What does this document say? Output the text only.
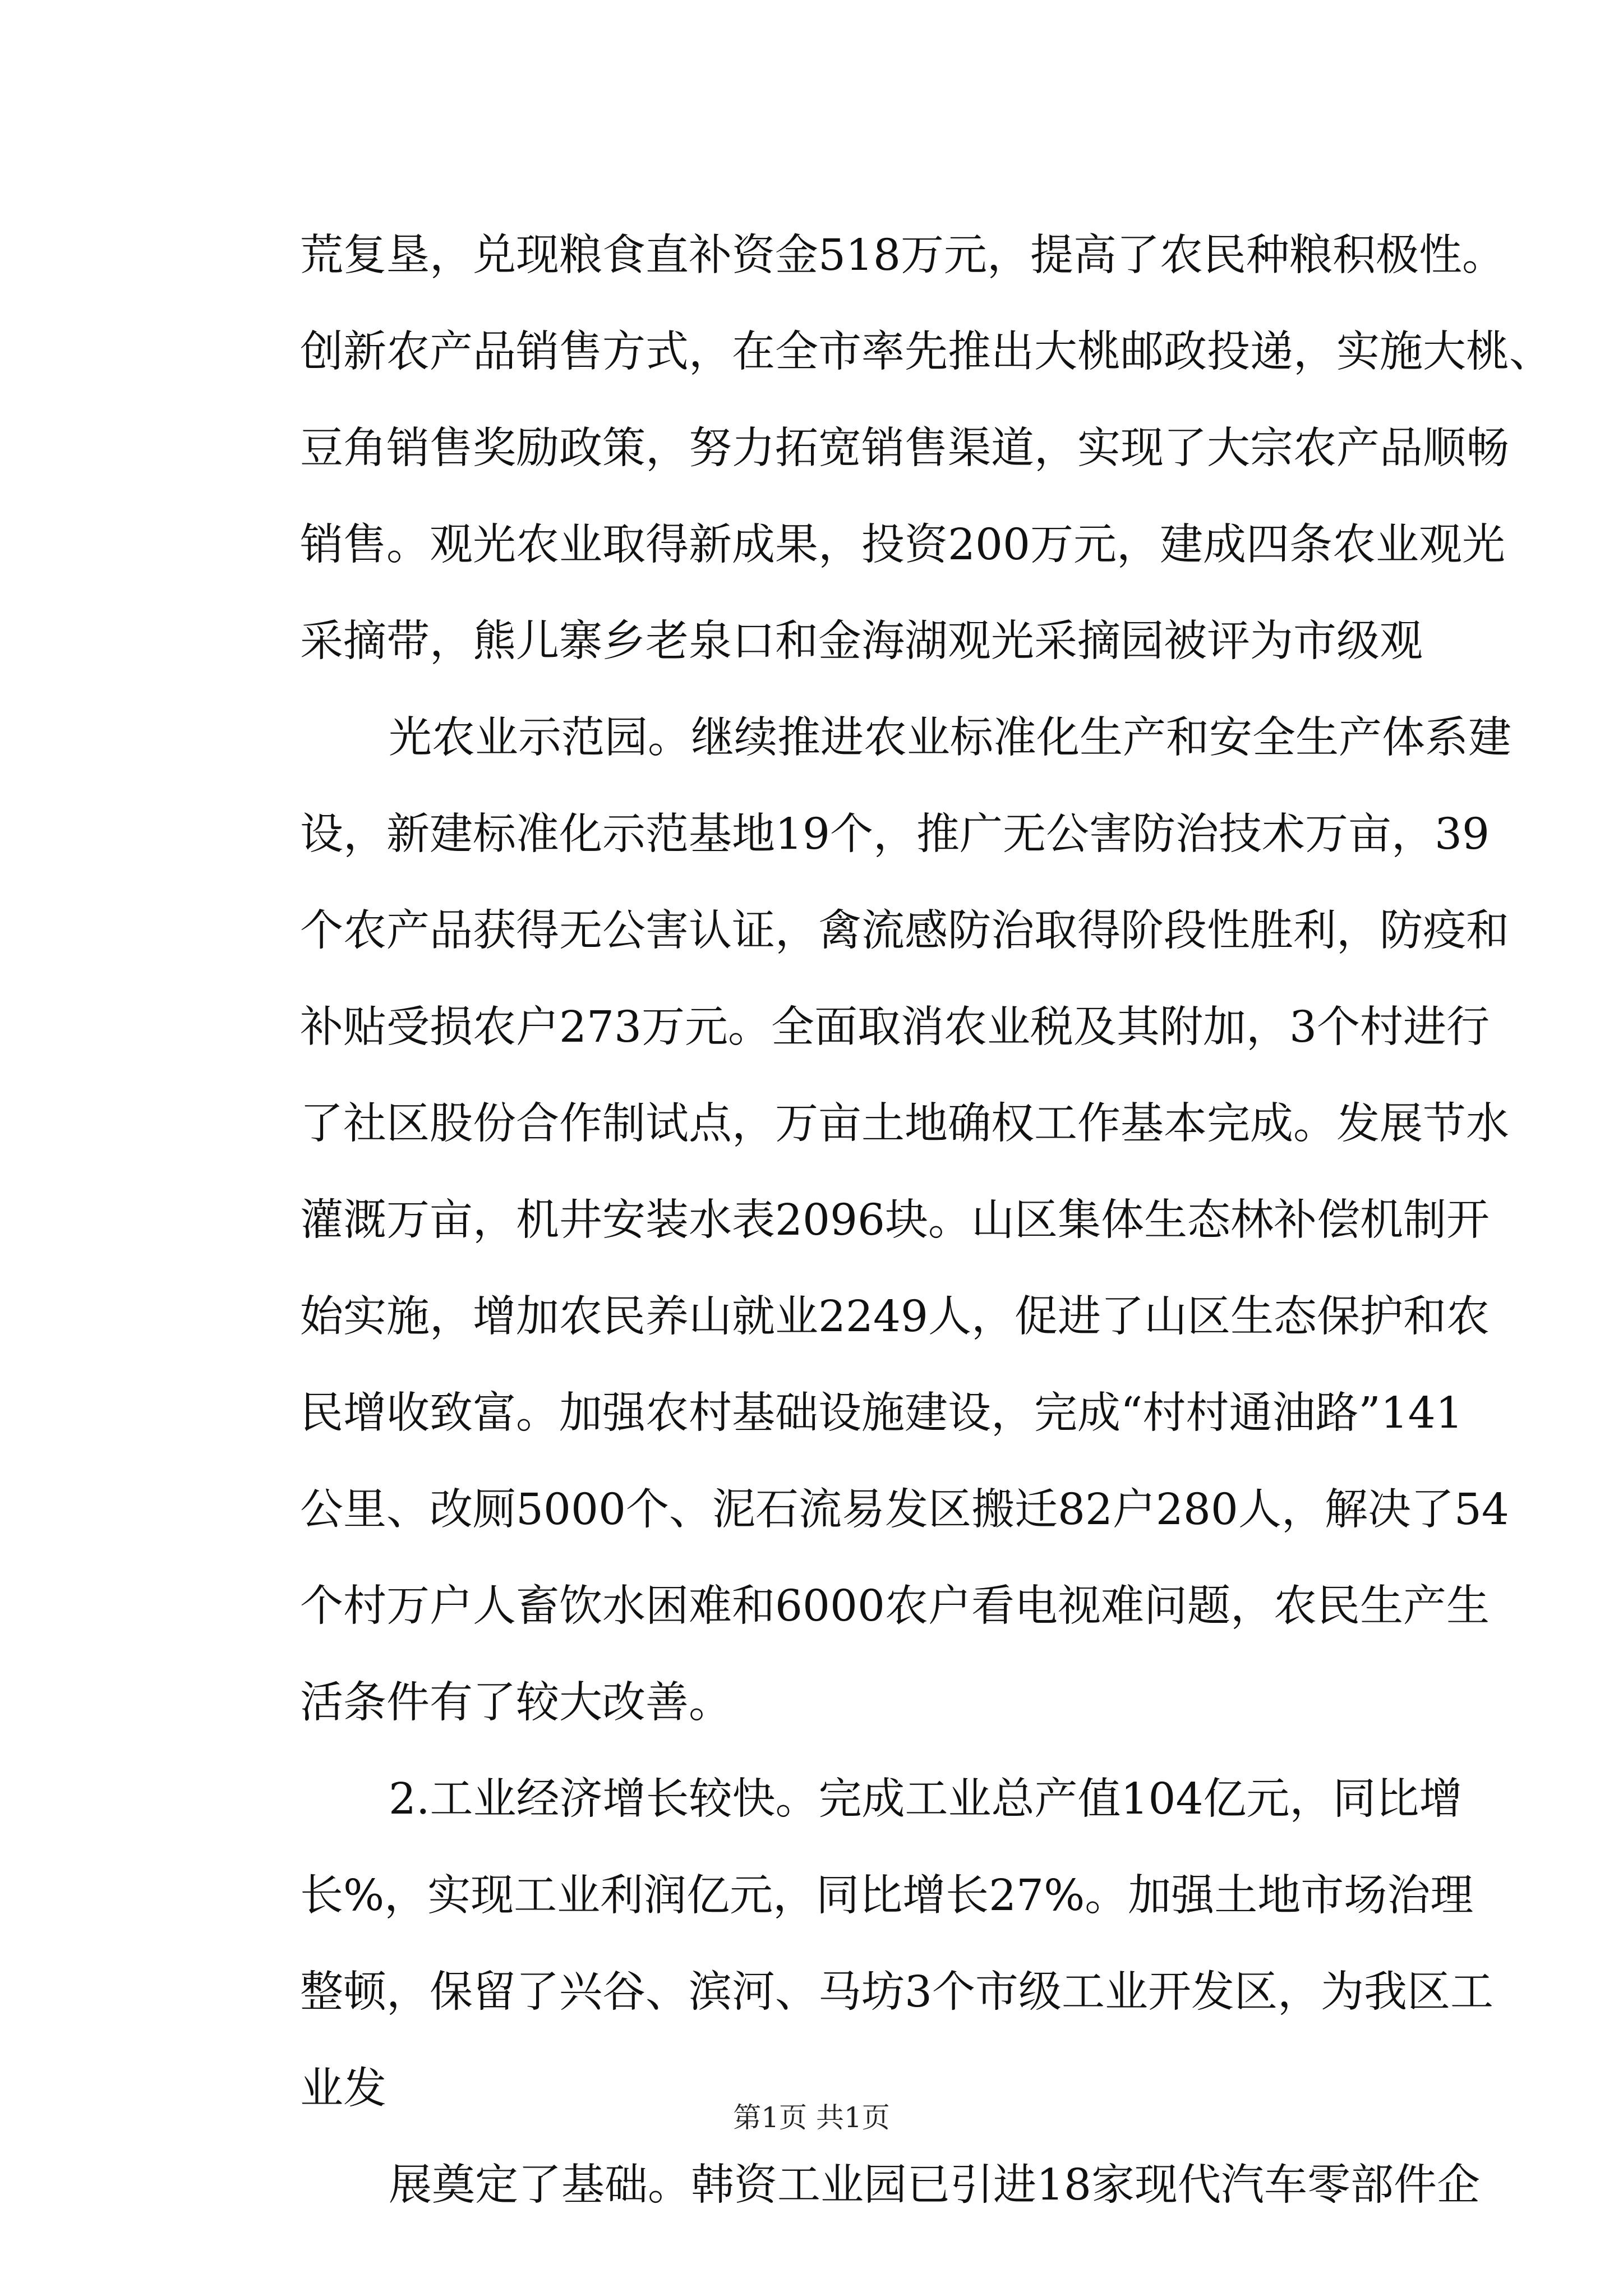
荒复垦，兑现粮食直补资金518万元，提高了农民种粮积极性。
创新农产品销售方式，在全市率先推出大桃邮政投递，实施大桃、
豆角销售奖励政策，努力拓宽销售渠道，实现了大宗农产品顺畅
销售。观光农业取得新成果，投资200万元，建成四条农业观光
采摘带，熊儿寨乡老泉口和金海湖观光采摘园被评为市级观
光农业示范园。继续推进农业标准化生产和安全生产体系建
设，新建标准化示范基地19个，推广无公害防治技术万亩，39
个农产品获得无公害认证，禽流感防治取得阶段性胜利，防疫和
补贴受损农户273万元。全面取消农业税及其附加，3个村进行
了社区股份合作制试点，万亩土地确权工作基本完成。发展节水
灌溉万亩，机井安装水表2096块。山区集体生态林补偿机制开
始实施，增加农民养山就业2249人，促进了山区生态保护和农
民增收致富。加强农村基础设施建设，完成“村村通油路”141
公里、改厕5000个、泥石流易发区搬迁82户280人，解决了54
个村万户人畜饮水困难和6000农户看电视难问题，农民生产生
活条件有了较大改善。
2.工业经济增长较快。完成工业总产值104亿元，同比增
长%，实现工业利润亿元，同比增长27%。加强土地市场治理
整顿，保留了兴谷、滨河、马坊3个市级工业开发区，为我区工
业发
展奠定了基础。韩资工业园已引进18家现代汽车零部件企
第1页 共1页
